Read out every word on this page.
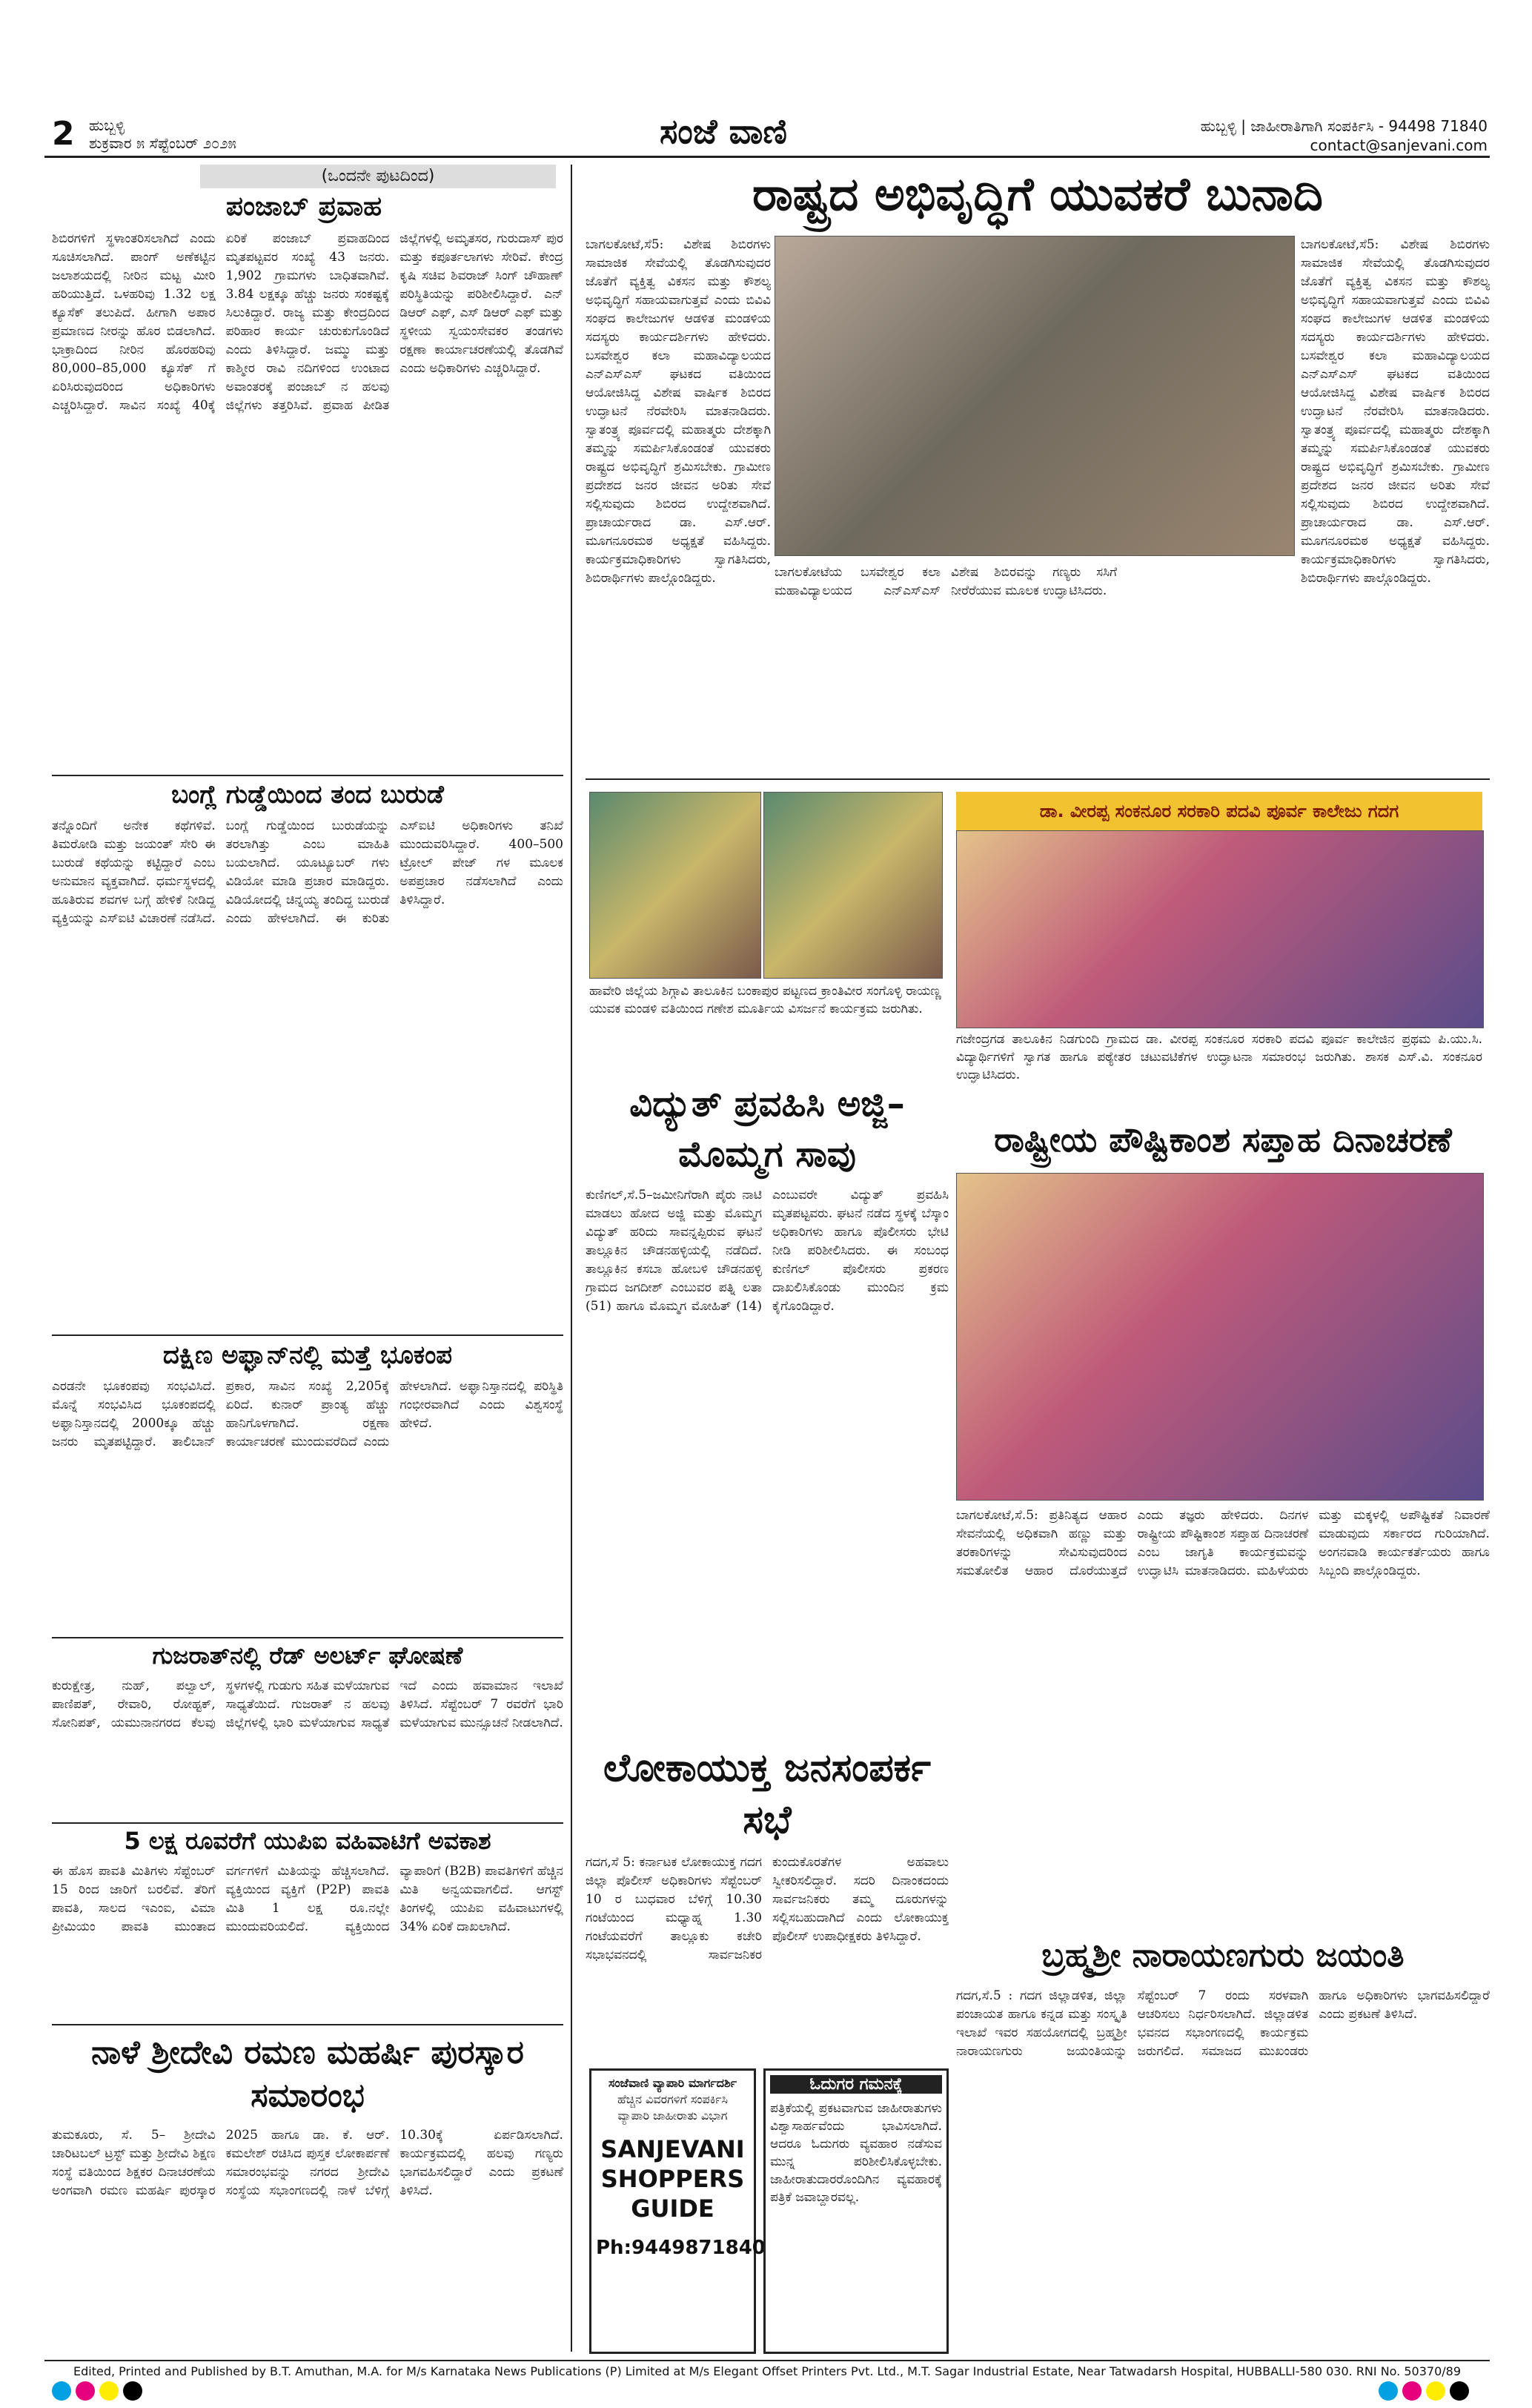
2 ಹುಬ್ಬಳ್ಳಿ
ಶುಕ್ರವಾರ ೫ ಸೆಪ್ಟೆಂಬರ್ ೨೦೨೫	ಸಂಜೆ ವಾಣಿ	ಹುಬ್ಬಳ್ಳಿ | ಜಾಹೀರಾತಿಗಾಗಿ ಸಂಪರ್ಕಿಸಿ - 94498 71840
contact@sanjevani.com
(ಒಂದನೇ ಪುಟದಿಂದ)
ಪಂಜಾಬ್ ಪ್ರವಾಹ
ಶಿಬಿರಗಳಿಗೆ ಸ್ಥಳಾಂತರಿಸಲಾಗಿದೆ ಎಂದು ಸೂಚಿಸಲಾಗಿದೆ. ಪಾಂಗ್ ಅಣೆಕಟ್ಟಿನ ಜಲಾಶಯದಲ್ಲಿ ನೀರಿನ ಮಟ್ಟ ಮೀರಿ ಹರಿಯುತ್ತಿದೆ. ಒಳಹರಿವು 1.32 ಲಕ್ಷ ಕ್ಯೂಸೆಕ್ ತಲುಪಿದೆ. ಹೀಗಾಗಿ ಅಪಾರ ಪ್ರಮಾಣದ ನೀರನ್ನು ಹೊರ ಬಿಡಲಾಗಿದೆ. ಭಾಕ್ರಾದಿಂದ ನೀರಿನ ಹೊರಹರಿವು 80,000–85,000 ಕ್ಯೂಸೆಕ್ ಗೆ ಏರಿಸಿರುವುದರಿಂದ ಅಧಿಕಾರಿಗಳು ಎಚ್ಚರಿಸಿದ್ದಾರೆ. ಸಾವಿನ ಸಂಖ್ಯೆ 40ಕ್ಕೆ ಏರಿಕೆ ಪಂಜಾಬ್ ಪ್ರವಾಹದಿಂದ ಮೃತಪಟ್ಟವರ ಸಂಖ್ಯೆ 43 ಜನರು. 1,902 ಗ್ರಾಮಗಳು ಬಾಧಿತವಾಗಿವೆ. 3.84 ಲಕ್ಷಕ್ಕೂ ಹೆಚ್ಚು ಜನರು ಸಂಕಷ್ಟಕ್ಕೆ ಸಿಲುಕಿದ್ದಾರೆ. ರಾಜ್ಯ ಮತ್ತು ಕೇಂದ್ರದಿಂದ ಪರಿಹಾರ ಕಾರ್ಯ ಚುರುಕುಗೊಂಡಿದೆ ಎಂದು ತಿಳಿಸಿದ್ದಾರೆ. ಜಮ್ಮು ಮತ್ತು ಕಾಶ್ಮೀರ ರಾವಿ ನದಿಗಳಿಂದ ಉಂಟಾದ ಅವಾಂತರಕ್ಕೆ ಪಂಜಾಬ್ ನ ಹಲವು ಜಿಲ್ಲೆಗಳು ತತ್ತರಿಸಿವೆ. ಪ್ರವಾಹ ಪೀಡಿತ ಜಿಲ್ಲೆಗಳಲ್ಲಿ ಅಮೃತಸರ, ಗುರುದಾಸ್ ಪುರ ಮತ್ತು ಕಪೂರ್ತಲಾಗಳು ಸೇರಿವೆ. ಕೇಂದ್ರ ಕೃಷಿ ಸಚಿವ ಶಿವರಾಜ್ ಸಿಂಗ್ ಚೌಹಾಣ್ ಪರಿಸ್ಥಿತಿಯನ್ನು ಪರಿಶೀಲಿಸಿದ್ದಾರೆ. ಎನ್ ಡಿಆರ್ ಎಫ್, ಎಸ್ ಡಿಆರ್ ಎಫ್ ಮತ್ತು ಸ್ಥಳೀಯ ಸ್ವಯಂಸೇವಕರ ತಂಡಗಳು ರಕ್ಷಣಾ ಕಾರ್ಯಾಚರಣೆಯಲ್ಲಿ ತೊಡಗಿವೆ ಎಂದು ಅಧಿಕಾರಿಗಳು ಎಚ್ಚರಿಸಿದ್ದಾರೆ.
ಬಂಗ್ಲೆ ಗುಡ್ಡೆಯಿಂದ ತಂದ ಬುರುಡೆ
ತನ್ನೊಂದಿಗೆ ಅನೇಕ ಕಥೆಗಳಿವೆ. ತಿಮರೋಡಿ ಮತ್ತು ಜಯಂತ್ ಸೇರಿ ಈ ಬುರುಡೆ ಕಥೆಯನ್ನು ಕಟ್ಟಿದ್ದಾರೆ ಎಂಬ ಅನುಮಾನ ವ್ಯಕ್ತವಾಗಿದೆ. ಧರ್ಮಸ್ಥಳದಲ್ಲಿ ಹೂತಿರುವ ಶವಗಳ ಬಗ್ಗೆ ಹೇಳಿಕೆ ನೀಡಿದ್ದ ವ್ಯಕ್ತಿಯನ್ನು ಎಸ್ಐಟಿ ವಿಚಾರಣೆ ನಡೆಸಿದೆ. ಬಂಗ್ಲೆ ಗುಡ್ಡೆಯಿಂದ ಬುರುಡೆಯನ್ನು ತರಲಾಗಿತ್ತು ಎಂಬ ಮಾಹಿತಿ ಬಯಲಾಗಿದೆ. ಯೂಟ್ಯೂಬರ್ ಗಳು ವಿಡಿಯೋ ಮಾಡಿ ಪ್ರಚಾರ ಮಾಡಿದ್ದರು. ವಿಡಿಯೋದಲ್ಲಿ ಚಿನ್ನಯ್ಯ ತಂದಿದ್ದ ಬುರುಡೆ ಎಂದು ಹೇಳಲಾಗಿದೆ. ಈ ಕುರಿತು ಎಸ್ಐಟಿ ಅಧಿಕಾರಿಗಳು ತನಿಖೆ ಮುಂದುವರಿಸಿದ್ದಾರೆ. 400–500 ಟ್ರೋಲ್ ಪೇಜ್ ಗಳ ಮೂಲಕ ಅಪಪ್ರಚಾರ ನಡೆಸಲಾಗಿದೆ ಎಂದು ತಿಳಿಸಿದ್ದಾರೆ.
ದಕ್ಷಿಣ ಅಫ್ಘಾನ್‌ನಲ್ಲಿ ಮತ್ತೆ ಭೂಕಂಪ
ಎರಡನೇ ಭೂಕಂಪವು ಸಂಭವಿಸಿದೆ. ಮೊನ್ನೆ ಸಂಭವಿಸಿದ ಭೂಕಂಪದಲ್ಲಿ ಅಫ್ಘಾನಿಸ್ತಾನದಲ್ಲಿ 2000ಕ್ಕೂ ಹೆಚ್ಚು ಜನರು ಮೃತಪಟ್ಟಿದ್ದಾರೆ. ತಾಲಿಬಾನ್ ಪ್ರಕಾರ, ಸಾವಿನ ಸಂಖ್ಯೆ 2,205ಕ್ಕೆ ಏರಿದೆ. ಕುನಾರ್ ಪ್ರಾಂತ್ಯ ಹೆಚ್ಚು ಹಾನಿಗೊಳಗಾಗಿದೆ. ರಕ್ಷಣಾ ಕಾರ್ಯಾಚರಣೆ ಮುಂದುವರೆದಿದೆ ಎಂದು ಹೇಳಲಾಗಿದೆ. ಅಫ್ಘಾನಿಸ್ತಾನದಲ್ಲಿ ಪರಿಸ್ಥಿತಿ ಗಂಭೀರವಾಗಿದೆ ಎಂದು ವಿಶ್ವಸಂಸ್ಥೆ ಹೇಳಿದೆ.
ಗುಜರಾತ್‌ನಲ್ಲಿ ರೆಡ್ ಅಲರ್ಟ್ ಘೋಷಣೆ
ಕುರುಕ್ಷೇತ್ರ, ನುಹ್, ಪಲ್ವಾಲ್, ಪಾಣಿಪತ್, ರೇವಾರಿ, ರೋಹ್ಟಕ್, ಸೋನಿಪತ್, ಯಮುನಾನಗರದ ಕೆಲವು ಸ್ಥಳಗಳಲ್ಲಿ ಗುಡುಗು ಸಹಿತ ಮಳೆಯಾಗುವ ಸಾಧ್ಯತೆಯಿದೆ. ಗುಜರಾತ್ ನ ಹಲವು ಜಿಲ್ಲೆಗಳಲ್ಲಿ ಭಾರಿ ಮಳೆಯಾಗುವ ಸಾಧ್ಯತೆ ಇದೆ ಎಂದು ಹವಾಮಾನ ಇಲಾಖೆ ತಿಳಿಸಿದೆ. ಸೆಪ್ಟೆಂಬರ್ 7 ರವರೆಗೆ ಭಾರಿ ಮಳೆಯಾಗುವ ಮುನ್ಸೂಚನೆ ನೀಡಲಾಗಿದೆ.
5 ಲಕ್ಷ ರೂವರೆಗೆ ಯುಪಿಐ ವಹಿವಾಟಿಗೆ ಅವಕಾಶ
ಈ ಹೊಸ ಪಾವತಿ ಮಿತಿಗಳು ಸೆಪ್ಟೆಂಬರ್ 15 ರಿಂದ ಜಾರಿಗೆ ಬರಲಿವೆ. ತೆರಿಗೆ ಪಾವತಿ, ಸಾಲದ ಇಎಂಐ, ವಿಮಾ ಪ್ರೀಮಿಯಂ ಪಾವತಿ ಮುಂತಾದ ವರ್ಗಗಳಿಗೆ ಮಿತಿಯನ್ನು ಹೆಚ್ಚಿಸಲಾಗಿದೆ. ವ್ಯಕ್ತಿಯಿಂದ ವ್ಯಕ್ತಿಗೆ (P2P) ಪಾವತಿ ಮಿತಿ 1 ಲಕ್ಷ ರೂ.ನಲ್ಲೇ ಮುಂದುವರಿಯಲಿದೆ. ವ್ಯಕ್ತಿಯಿಂದ ವ್ಯಾಪಾರಿಗೆ (B2B) ಪಾವತಿಗಳಿಗೆ ಹೆಚ್ಚಿನ ಮಿತಿ ಅನ್ವಯವಾಗಲಿದೆ. ಆಗಸ್ಟ್ ತಿಂಗಳಲ್ಲಿ ಯುಪಿಐ ವಹಿವಾಟುಗಳಲ್ಲಿ 34% ಏರಿಕೆ ದಾಖಲಾಗಿದೆ.
ನಾಳೆ ಶ್ರೀದೇವಿ ರಮಣ ಮಹರ್ಷಿ ಪುರಸ್ಕಾರ ಸಮಾರಂಭ
ತುಮಕೂರು, ಸೆ. 5– ಶ್ರೀದೇವಿ ಚಾರಿಟಬಲ್ ಟ್ರಸ್ಟ್ ಮತ್ತು ಶ್ರೀದೇವಿ ಶಿಕ್ಷಣ ಸಂಸ್ಥೆ ವತಿಯಿಂದ ಶಿಕ್ಷಕರ ದಿನಾಚರಣೆಯ ಅಂಗವಾಗಿ ರಮಣ ಮಹರ್ಷಿ ಪುರಸ್ಕಾರ 2025 ಹಾಗೂ ಡಾ. ಕೆ. ಆರ್. ಕಮಲೇಶ್ ರಚಿಸಿದ ಪುಸ್ತಕ ಲೋಕಾರ್ಪಣೆ ಸಮಾರಂಭವನ್ನು ನಗರದ ಶ್ರೀದೇವಿ ಸಂಸ್ಥೆಯ ಸಭಾಂಗಣದಲ್ಲಿ ನಾಳೆ ಬೆಳಿಗ್ಗೆ 10.30ಕ್ಕೆ ಏರ್ಪಡಿಸಲಾಗಿದೆ. ಕಾರ್ಯಕ್ರಮದಲ್ಲಿ ಹಲವು ಗಣ್ಯರು ಭಾಗವಹಿಸಲಿದ್ದಾರೆ ಎಂದು ಪ್ರಕಟಣೆ ತಿಳಿಸಿದೆ.
ರಾಷ್ಟ್ರದ ಅಭಿವೃದ್ಧಿಗೆ ಯುವಕರೆ ಬುನಾದಿ
ಬಾಗಲಕೋಟೆ,ಸೆ5: ವಿಶೇಷ ಶಿಬಿರಗಳು ಸಾಮಾಜಿಕ ಸೇವೆಯಲ್ಲಿ ತೊಡಗಿಸುವುದರ ಜೊತೆಗೆ ವ್ಯಕ್ತಿತ್ವ ವಿಕಸನ ಮತ್ತು ಕೌಶಲ್ಯ ಅಭಿವೃದ್ಧಿಗೆ ಸಹಾಯವಾಗುತ್ತವೆ ಎಂದು ಬಿವಿವಿ ಸಂಘದ ಕಾಲೇಜುಗಳ ಆಡಳಿತ ಮಂಡಳಿಯ ಸದಸ್ಯರು ಕಾರ್ಯದರ್ಶಿಗಳು ಹೇಳಿದರು. ಬಸವೇಶ್ವರ ಕಲಾ ಮಹಾವಿದ್ಯಾಲಯದ ಎನ್ಎಸ್ಎಸ್ ಘಟಕದ ವತಿಯಿಂದ ಆಯೋಜಿಸಿದ್ದ ವಿಶೇಷ ವಾರ್ಷಿಕ ಶಿಬಿರದ ಉದ್ಘಾಟನೆ ನೆರವೇರಿಸಿ ಮಾತನಾಡಿದರು. ಸ್ವಾತಂತ್ರ್ಯ ಪೂರ್ವದಲ್ಲಿ ಮಹಾತ್ಮರು ದೇಶಕ್ಕಾಗಿ ತಮ್ಮನ್ನು ಸಮರ್ಪಿಸಿಕೊಂಡಂತೆ ಯುವಕರು ರಾಷ್ಟ್ರದ ಅಭಿವೃದ್ಧಿಗೆ ಶ್ರಮಿಸಬೇಕು. ಗ್ರಾಮೀಣ ಪ್ರದೇಶದ ಜನರ ಜೀವನ ಅರಿತು ಸೇವೆ ಸಲ್ಲಿಸುವುದು ಶಿಬಿರದ ಉದ್ದೇಶವಾಗಿದೆ. ಪ್ರಾಚಾರ್ಯರಾದ ಡಾ. ಎಸ್.ಆರ್. ಮೂಗನೂರಮಠ ಅಧ್ಯಕ್ಷತೆ ವಹಿಸಿದ್ದರು. ಕಾರ್ಯಕ್ರಮಾಧಿಕಾರಿಗಳು ಸ್ವಾಗತಿಸಿದರು, ಶಿಬಿರಾರ್ಥಿಗಳು ಪಾಲ್ಗೊಂಡಿದ್ದರು.	ಬಾಗಲಕೋಟೆಯ ಬಸವೇಶ್ವರ ಕಲಾ ಮಹಾವಿದ್ಯಾಲಯದ ಎನ್ಎಸ್ಎಸ್ ವಿಶೇಷ ಶಿಬಿರವನ್ನು ಗಣ್ಯರು ಸಸಿಗೆ ನೀರೆರೆಯುವ ಮೂಲಕ ಉದ್ಘಾಟಿಸಿದರು.
ಬಾಗಲಕೋಟೆ,ಸೆ5: ವಿಶೇಷ ಶಿಬಿರಗಳು ಸಾಮಾಜಿಕ ಸೇವೆಯಲ್ಲಿ ತೊಡಗಿಸುವುದರ ಜೊತೆಗೆ ವ್ಯಕ್ತಿತ್ವ ವಿಕಸನ ಮತ್ತು ಕೌಶಲ್ಯ ಅಭಿವೃದ್ಧಿಗೆ ಸಹಾಯವಾಗುತ್ತವೆ ಎಂದು ಬಿವಿವಿ ಸಂಘದ ಕಾಲೇಜುಗಳ ಆಡಳಿತ ಮಂಡಳಿಯ ಸದಸ್ಯರು ಕಾರ್ಯದರ್ಶಿಗಳು ಹೇಳಿದರು. ಬಸವೇಶ್ವರ ಕಲಾ ಮಹಾವಿದ್ಯಾಲಯದ ಎನ್ಎಸ್ಎಸ್ ಘಟಕದ ವತಿಯಿಂದ ಆಯೋಜಿಸಿದ್ದ ವಿಶೇಷ ವಾರ್ಷಿಕ ಶಿಬಿರದ ಉದ್ಘಾಟನೆ ನೆರವೇರಿಸಿ ಮಾತನಾಡಿದರು. ಸ್ವಾತಂತ್ರ್ಯ ಪೂರ್ವದಲ್ಲಿ ಮಹಾತ್ಮರು ದೇಶಕ್ಕಾಗಿ ತಮ್ಮನ್ನು ಸಮರ್ಪಿಸಿಕೊಂಡಂತೆ ಯುವಕರು ರಾಷ್ಟ್ರದ ಅಭಿವೃದ್ಧಿಗೆ ಶ್ರಮಿಸಬೇಕು. ಗ್ರಾಮೀಣ ಪ್ರದೇಶದ ಜನರ ಜೀವನ ಅರಿತು ಸೇವೆ ಸಲ್ಲಿಸುವುದು ಶಿಬಿರದ ಉದ್ದೇಶವಾಗಿದೆ. ಪ್ರಾಚಾರ್ಯರಾದ ಡಾ. ಎಸ್.ಆರ್. ಮೂಗನೂರಮಠ ಅಧ್ಯಕ್ಷತೆ ವಹಿಸಿದ್ದರು. ಕಾರ್ಯಕ್ರಮಾಧಿಕಾರಿಗಳು ಸ್ವಾಗತಿಸಿದರು, ಶಿಬಿರಾರ್ಥಿಗಳು ಪಾಲ್ಗೊಂಡಿದ್ದರು.
ಹಾವೇರಿ ಜಿಲ್ಲೆಯ ಶಿಗ್ಗಾವಿ ತಾಲೂಕಿನ ಬಂಕಾಪುರ ಪಟ್ಟಣದ ಕ್ರಾಂತಿವೀರ ಸಂಗೊಳ್ಳಿ ರಾಯಣ್ಣ ಯುವಕ ಮಂಡಳಿ ವತಿಯಿಂದ ಗಣೇಶ ಮೂರ್ತಿಯ ವಿಸರ್ಜನೆ ಕಾರ್ಯಕ್ರಮ ಜರುಗಿತು.
ಡಾ. ವೀರಪ್ಪ ಸಂಕನೂರ ಸರಕಾರಿ ಪದವಿ ಪೂರ್ವ ಕಾಲೇಜು ಗದಗ
ಗಜೇಂದ್ರಗಡ ತಾಲೂಕಿನ ನಿಡಗುಂದಿ ಗ್ರಾಮದ ಡಾ. ವೀರಪ್ಪ ಸಂಕನೂರ ಸರಕಾರಿ ಪದವಿ ಪೂರ್ವ ಕಾಲೇಜಿನ ಪ್ರಥಮ ಪಿ.ಯು.ಸಿ. ವಿದ್ಯಾರ್ಥಿಗಳಿಗೆ ಸ್ವಾಗತ ಹಾಗೂ ಪಠ್ಯೇತರ ಚಟುವಟಿಕೆಗಳ ಉದ್ಘಾಟನಾ ಸಮಾರಂಭ ಜರುಗಿತು. ಶಾಸಕ ಎಸ್.ವಿ. ಸಂಕನೂರ ಉದ್ಘಾಟಿಸಿದರು.
ವಿದ್ಯುತ್ ಪ್ರವಹಿಸಿ ಅಜ್ಜಿ–ಮೊಮ್ಮಗ ಸಾವು
ಕುಣಿಗಲ್,ಸೆ.5–ಜಮೀನಿಗೆರಾಗಿ ಪೈರು ನಾಟಿ ಮಾಡಲು ಹೋದ ಅಜ್ಜಿ ಮತ್ತು ಮೊಮ್ಮಗ ವಿದ್ಯುತ್ ಹರಿದು ಸಾವನ್ನಪ್ಪಿರುವ ಘಟನೆ ತಾಲ್ಲೂಕಿನ ಚೌಡನಹಳ್ಳಿಯಲ್ಲಿ ನಡೆದಿದೆ. ತಾಲ್ಲೂಕಿನ ಕಸಬಾ ಹೋಬಳಿ ಚೌಡನಹಳ್ಳಿ ಗ್ರಾಮದ ಜಗದೀಶ್ ಎಂಬುವರ ಪತ್ನಿ ಲತಾ (51) ಹಾಗೂ ಮೊಮ್ಮಗ ಮೋಹಿತ್ (14) ಎಂಬುವರೇ ವಿದ್ಯುತ್ ಪ್ರವಹಿಸಿ ಮೃತಪಟ್ಟವರು. ಘಟನೆ ನಡೆದ ಸ್ಥಳಕ್ಕೆ ಬೆಸ್ಕಾಂ ಅಧಿಕಾರಿಗಳು ಹಾಗೂ ಪೊಲೀಸರು ಭೇಟಿ ನೀಡಿ ಪರಿಶೀಲಿಸಿದರು. ಈ ಸಂಬಂಧ ಕುಣಿಗಲ್ ಪೊಲೀಸರು ಪ್ರಕರಣ ದಾಖಲಿಸಿಕೊಂಡು ಮುಂದಿನ ಕ್ರಮ ಕೈಗೊಂಡಿದ್ದಾರೆ.
ರಾಷ್ಟ್ರೀಯ ಪೌಷ್ಟಿಕಾಂಶ ಸಪ್ತಾಹ ದಿನಾಚರಣೆ
ಬಾಗಲಕೋಟೆ,ಸೆ.5: ಪ್ರತಿನಿತ್ಯದ ಆಹಾರ ಸೇವನೆಯಲ್ಲಿ ಅಧಿಕವಾಗಿ ಹಣ್ಣು ಮತ್ತು ತರಕಾರಿಗಳನ್ನು ಸೇವಿಸುವುದರಿಂದ ಸಮತೋಲಿತ ಆಹಾರ ದೊರೆಯುತ್ತದೆ ಎಂದು ತಜ್ಞರು ಹೇಳಿದರು. ದಿನಗಳ ರಾಷ್ಟ್ರೀಯ ಪೌಷ್ಟಿಕಾಂಶ ಸಪ್ತಾಹ ದಿನಾಚರಣೆ ಎಂಬ ಜಾಗೃತಿ ಕಾರ್ಯಕ್ರಮವನ್ನು ಉದ್ಘಾಟಿಸಿ ಮಾತನಾಡಿದರು. ಮಹಿಳೆಯರು ಮತ್ತು ಮಕ್ಕಳಲ್ಲಿ ಅಪೌಷ್ಟಿಕತೆ ನಿವಾರಣೆ ಮಾಡುವುದು ಸರ್ಕಾರದ ಗುರಿಯಾಗಿದೆ. ಅಂಗನವಾಡಿ ಕಾರ್ಯಕರ್ತೆಯರು ಹಾಗೂ ಸಿಬ್ಬಂದಿ ಪಾಲ್ಗೊಂಡಿದ್ದರು.
ಲೋಕಾಯುಕ್ತ ಜನಸಂಪರ್ಕ ಸಭೆ
ಗದಗ,ಸೆ 5: ಕರ್ನಾಟಕ ಲೋಕಾಯುಕ್ತ ಗದಗ ಜಿಲ್ಲಾ ಪೊಲೀಸ್ ಅಧಿಕಾರಿಗಳು ಸೆಪ್ಟೆಂಬರ್ 10 ರ ಬುಧವಾರ ಬೆಳಿಗ್ಗೆ 10.30 ಗಂಟೆಯಿಂದ ಮಧ್ಯಾಹ್ನ 1.30 ಗಂಟೆಯವರೆಗೆ ತಾಲ್ಲೂಕು ಕಚೇರಿ ಸಭಾಭವನದಲ್ಲಿ ಸಾರ್ವಜನಿಕರ ಕುಂದುಕೊರತೆಗಳ ಅಹವಾಲು ಸ್ವೀಕರಿಸಲಿದ್ದಾರೆ. ಸದರಿ ದಿನಾಂಕದಂದು ಸಾರ್ವಜನಿಕರು ತಮ್ಮ ದೂರುಗಳನ್ನು ಸಲ್ಲಿಸಬಹುದಾಗಿದೆ ಎಂದು ಲೋಕಾಯುಕ್ತ ಪೊಲೀಸ್ ಉಪಾಧೀಕ್ಷಕರು ತಿಳಿಸಿದ್ದಾರೆ.
ಸಂಜೆವಾಣಿ ವ್ಯಾಪಾರಿ ಮಾರ್ಗದರ್ಶಿ
ಹೆಚ್ಚಿನ ವಿವರಗಳಿಗೆ ಸಂಪರ್ಕಿಸಿ
ವ್ಯಾಪಾರಿ ಜಾಹೀರಾತು ವಿಭಾಗ
SANJEVANI SHOPPERS GUIDE
Ph:9449871840
ಓದುಗರ ಗಮನಕ್ಕೆ
ಪತ್ರಿಕೆಯಲ್ಲಿ ಪ್ರಕಟವಾಗುವ ಜಾಹೀರಾತುಗಳು ವಿಶ್ವಾಸಾರ್ಹವೆಂದು ಭಾವಿಸಲಾಗಿದೆ. ಆದರೂ ಓದುಗರು ವ್ಯವಹಾರ ನಡೆಸುವ ಮುನ್ನ ಪರಿಶೀಲಿಸಿಕೊಳ್ಳಬೇಕು. ಜಾಹೀರಾತುದಾರರೊಂದಿಗಿನ ವ್ಯವಹಾರಕ್ಕೆ ಪತ್ರಿಕೆ ಜವಾಬ್ದಾರವಲ್ಲ.
ಬ್ರಹ್ಮಶ್ರೀ ನಾರಾಯಣಗುರು ಜಯಂತಿ
ಗದಗ,ಸೆ.5 : ಗದಗ ಜಿಲ್ಲಾಡಳಿತ, ಜಿಲ್ಲಾ ಪಂಚಾಯತ ಹಾಗೂ ಕನ್ನಡ ಮತ್ತು ಸಂಸ್ಕೃತಿ ಇಲಾಖೆ ಇವರ ಸಹಯೋಗದಲ್ಲಿ ಬ್ರಹ್ಮಶ್ರೀ ನಾರಾಯಣಗುರು ಜಯಂತಿಯನ್ನು ಸೆಪ್ಟೆಂಬರ್ 7 ರಂದು ಸರಳವಾಗಿ ಆಚರಿಸಲು ನಿರ್ಧರಿಸಲಾಗಿದೆ. ಜಿಲ್ಲಾಡಳಿತ ಭವನದ ಸಭಾಂಗಣದಲ್ಲಿ ಕಾರ್ಯಕ್ರಮ ಜರುಗಲಿದೆ. ಸಮಾಜದ ಮುಖಂಡರು ಹಾಗೂ ಅಧಿಕಾರಿಗಳು ಭಾಗವಹಿಸಲಿದ್ದಾರೆ ಎಂದು ಪ್ರಕಟಣೆ ತಿಳಿಸಿದೆ.
Edited, Printed and Published by B.T. Amuthan, M.A. for M/s Karnataka News Publications (P) Limited at M/s Elegant Offset Printers Pvt. Ltd., M.T. Sagar Industrial Estate, Near Tatwadarsh Hospital, HUBBALLI-580 030. RNI No. 50370/89
